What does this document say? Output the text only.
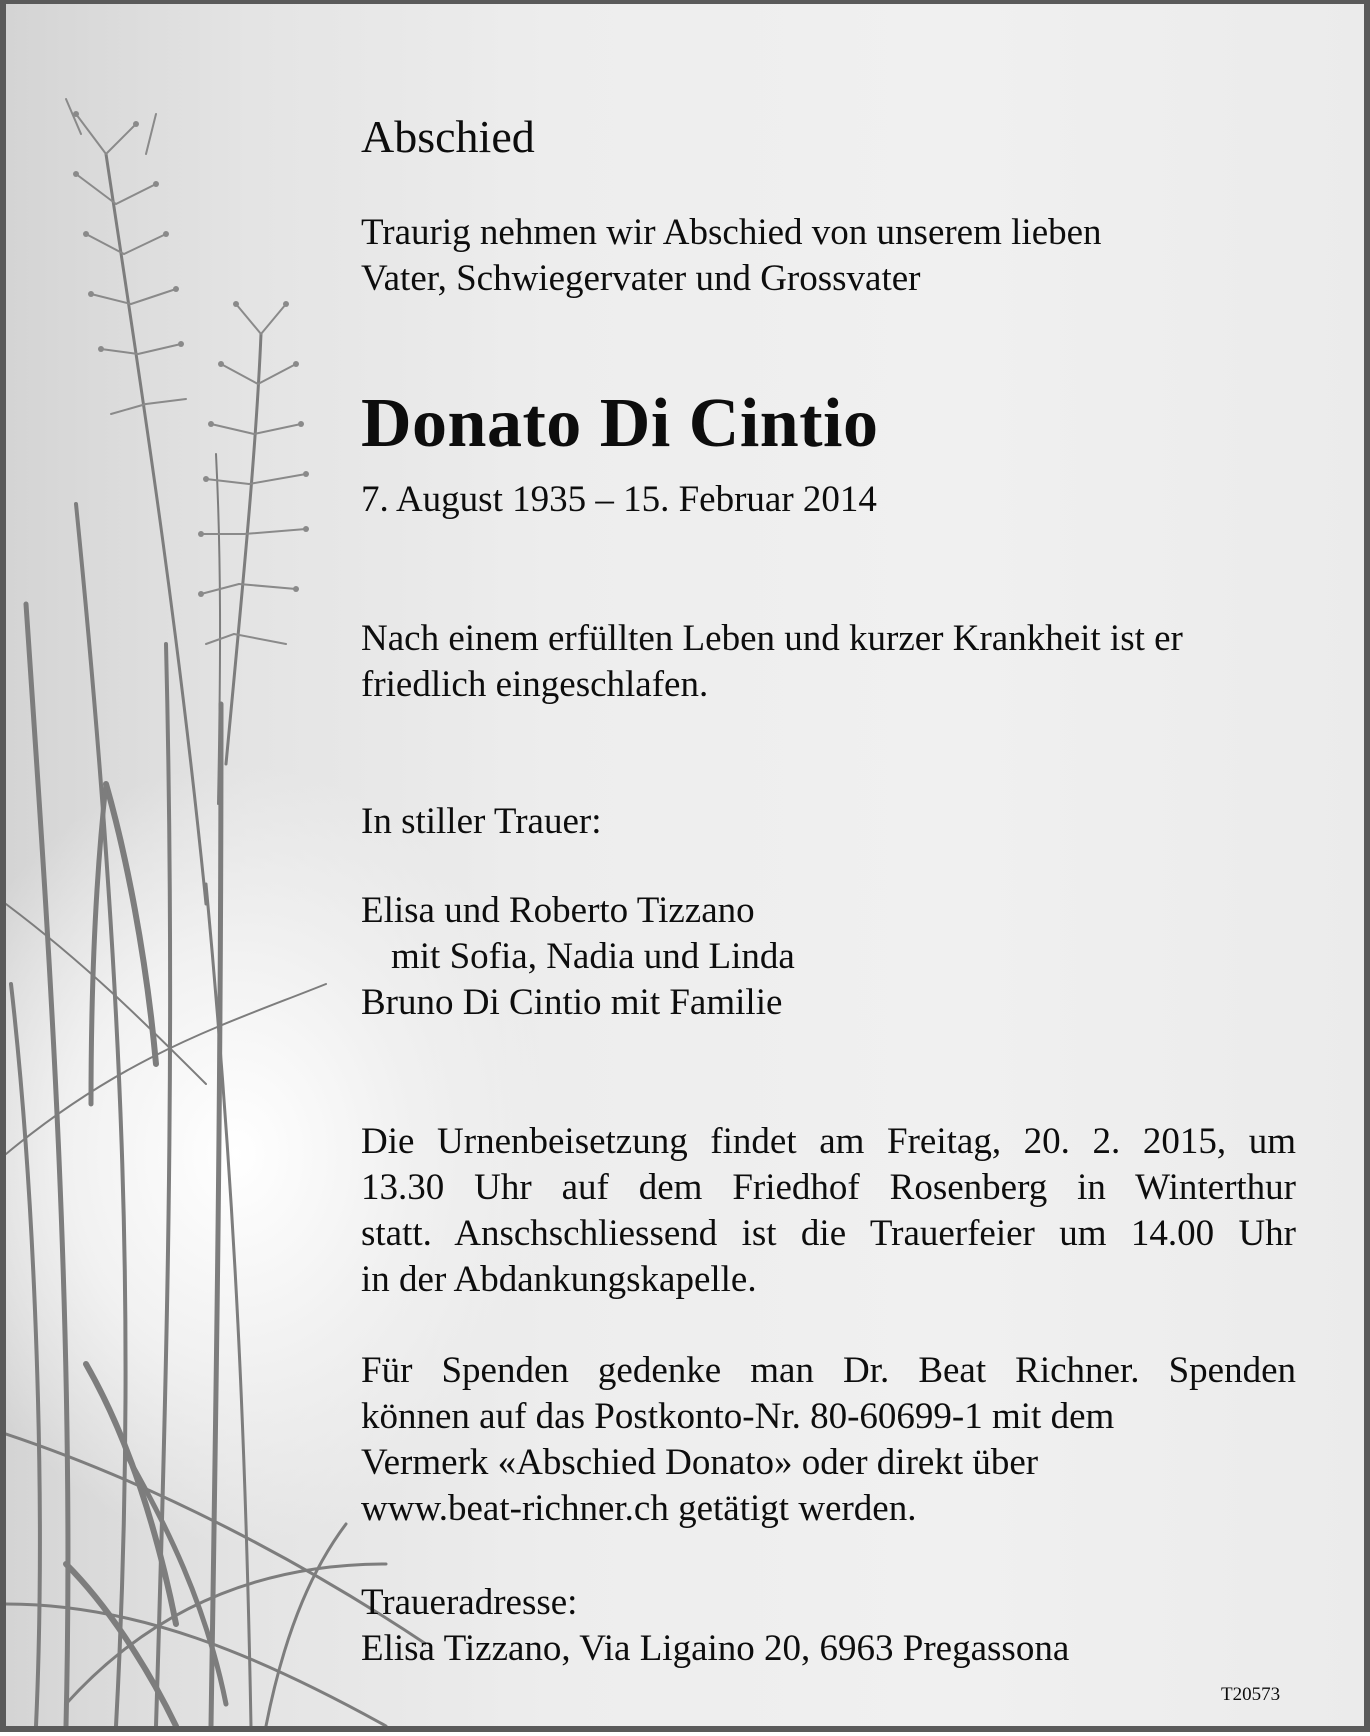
Abschied
Traurig nehmen wir Abschied von unserem lieben
Vater, Schwiegervater und Grossvater
Donato Di Cintio
7. August 1935 – 15. Februar 2014
Nach einem erfüllten Leben und kurzer Krankheit ist er
friedlich eingeschlafen.
In stiller Trauer:
Elisa und Roberto Tizzano
mit Sofia, Nadia und Linda
Bruno Di Cintio mit Familie
Die Urnenbeisetzung findet am Freitag, 20. 2. 2015, um
13.30 Uhr auf dem Friedhof Rosenberg in Winterthur
statt. Anschschliessend ist die Trauerfeier um 14.00 Uhr
in der Abdankungskapelle.
Für Spenden gedenke man Dr. Beat Richner. Spenden
können auf das Postkonto-Nr. 80-60699-1 mit dem
Vermerk «Abschied Donato» oder direkt über
www.beat-richner.ch getätigt werden.
Traueradresse:
Elisa Tizzano, Via Ligaino 20, 6963 Pregassona
T20573
